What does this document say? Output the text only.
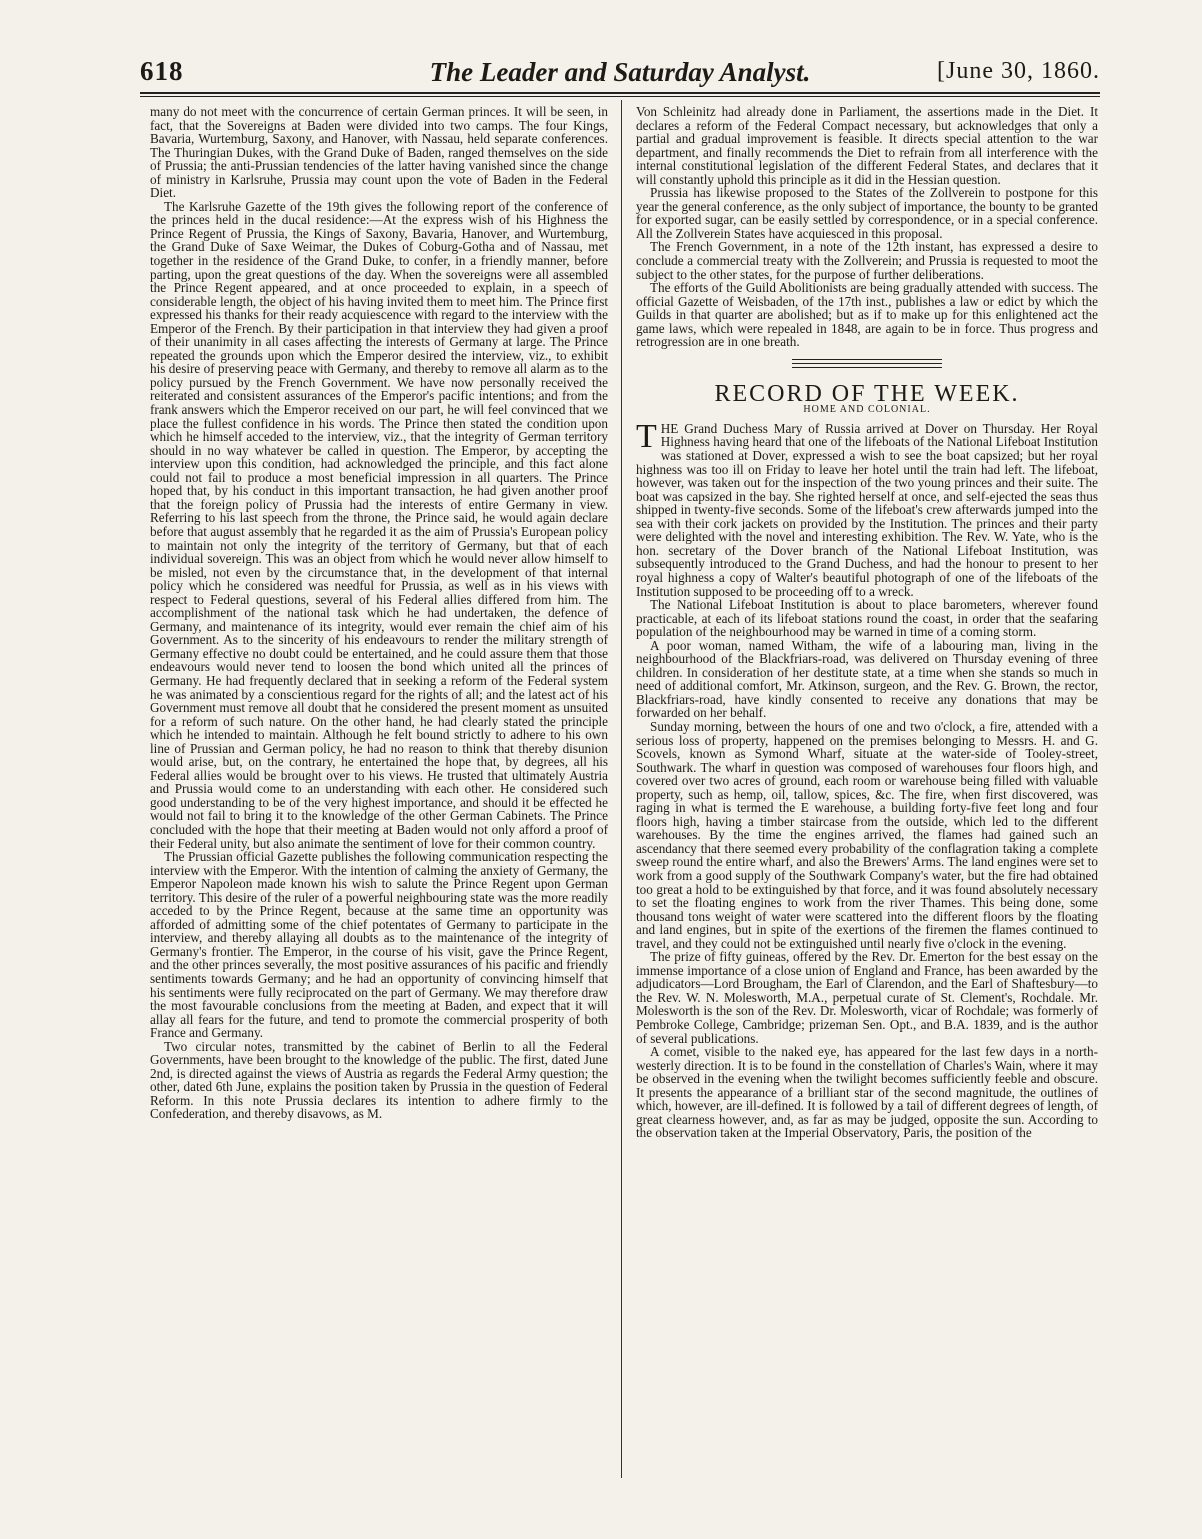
618	The Leader and Saturday Analyst.	[June 30, 1860.

many do not meet with the concurrence of certain German princes. It will be seen, in fact, that the Sovereigns at Baden were divided into two camps. The four Kings, Bavaria, Wurtemburg, Saxony, and Hanover, with Nassau, held separate conferences. The Thuringian Dukes, with the Grand Duke of Baden, ranged themselves on the side of Prussia; the anti-Prussian tendencies of the latter having vanished since the change of ministry in Karlsruhe, Prussia may count upon the vote of Baden in the Federal Diet.

The Karlsruhe Gazette of the 19th gives the following report of the conference of the princes held in the ducal residence:—At the express wish of his Highness the Prince Regent of Prussia, the Kings of Saxony, Bavaria, Hanover, and Wurtemburg, the Grand Duke of Saxe Weimar, the Dukes of Coburg-Gotha and of Nassau, met together in the residence of the Grand Duke, to confer, in a friendly manner, before parting, upon the great questions of the day. When the sovereigns were all assembled the Prince Regent appeared, and at once proceeded to explain, in a speech of considerable length, the object of his having invited them to meet him. The Prince first expressed his thanks for their ready acquiescence with regard to the interview with the Emperor of the French. By their participation in that interview they had given a proof of their unanimity in all cases affecting the interests of Germany at large. The Prince repeated the grounds upon which the Emperor desired the interview, viz., to exhibit his desire of preserving peace with Germany, and thereby to remove all alarm as to the policy pursued by the French Government. We have now personally received the reiterated and consistent assurances of the Emperor's pacific intentions; and from the frank answers which the Emperor received on our part, he will feel convinced that we place the fullest confidence in his words. The Prince then stated the condition upon which he himself acceded to the interview, viz., that the integrity of German territory should in no way whatever be called in question. The Emperor, by accepting the interview upon this condition, had acknowledged the principle, and this fact alone could not fail to produce a most beneficial impression in all quarters. The Prince hoped that, by his conduct in this important transaction, he had given another proof that the foreign policy of Prussia had the interests of entire Germany in view. Referring to his last speech from the throne, the Prince said, he would again declare before that august assembly that he regarded it as the aim of Prussia's European policy to maintain not only the integrity of the territory of Germany, but that of each individual sovereign. This was an object from which he would never allow himself to be misled, not even by the circumstance that, in the development of that internal policy which he considered was needful for Prussia, as well as in his views with respect to Federal questions, several of his Federal allies differed from him. The accomplishment of the national task which he had undertaken, the defence of Germany, and maintenance of its integrity, would ever remain the chief aim of his Government. As to the sincerity of his endeavours to render the military strength of Germany effective no doubt could be entertained, and he could assure them that those endeavours would never tend to loosen the bond which united all the princes of Germany. He had frequently declared that in seeking a reform of the Federal system he was animated by a conscientious regard for the rights of all; and the latest act of his Government must remove all doubt that he considered the present moment as unsuited for a reform of such nature. On the other hand, he had clearly stated the principle which he intended to maintain. Although he felt bound strictly to adhere to his own line of Prussian and German policy, he had no reason to think that thereby disunion would arise, but, on the contrary, he entertained the hope that, by degrees, all his Federal allies would be brought over to his views. He trusted that ultimately Austria and Prussia would come to an understanding with each other. He considered such good understanding to be of the very highest importance, and should it be effected he would not fail to bring it to the knowledge of the other German Cabinets. The Prince concluded with the hope that their meeting at Baden would not only afford a proof of their Federal unity, but also animate the sentiment of love for their common country.

The Prussian official Gazette publishes the following communication respecting the interview with the Emperor. With the intention of calming the anxiety of Germany, the Emperor Napoleon made known his wish to salute the Prince Regent upon German territory. This desire of the ruler of a powerful neighbouring state was the more readily acceded to by the Prince Regent, because at the same time an opportunity was afforded of admitting some of the chief potentates of Germany to participate in the interview, and thereby allaying all doubts as to the maintenance of the integrity of Germany's frontier. The Emperor, in the course of his visit, gave the Prince Regent, and the other princes severally, the most positive assurances of his pacific and friendly sentiments towards Germany; and he had an opportunity of convincing himself that his sentiments were fully reciprocated on the part of Germany. We may therefore draw the most favourable conclusions from the meeting at Baden, and expect that it will allay all fears for the future, and tend to promote the commercial prosperity of both France and Germany.

Two circular notes, transmitted by the cabinet of Berlin to all the Federal Governments, have been brought to the knowledge of the public. The first, dated June 2nd, is directed against the views of Austria as regards the Federal Army question; the other, dated 6th June, explains the position taken by Prussia in the question of Federal Reform. In this note Prussia declares its intention to adhere firmly to the Confederation, and thereby disavows, as M.

Von Schleinitz had already done in Parliament, the assertions made in the Diet. It declares a reform of the Federal Compact necessary, but acknowledges that only a partial and gradual improvement is feasible. It directs special attention to the war department, and finally recommends the Diet to refrain from all interference with the internal constitutional legislation of the different Federal States, and declares that it will constantly uphold this principle as it did in the Hessian question.

Prussia has likewise proposed to the States of the Zollverein to postpone for this year the general conference, as the only subject of importance, the bounty to be granted for exported sugar, can be easily settled by correspondence, or in a special conference. All the Zollverein States have acquiesced in this proposal.

The French Government, in a note of the 12th instant, has expressed a desire to conclude a commercial treaty with the Zollverein; and Prussia is requested to moot the subject to the other states, for the purpose of further deliberations.

The efforts of the Guild Abolitionists are being gradually attended with success. The official Gazette of Weisbaden, of the 17th inst., publishes a law or edict by which the Guilds in that quarter are abolished; but as if to make up for this enlightened act the game laws, which were repealed in 1848, are again to be in force. Thus progress and retrogression are in one breath.

RECORD OF THE WEEK.
HOME AND COLONIAL.

THE Grand Duchess Mary of Russia arrived at Dover on Thursday. Her Royal Highness having heard that one of the lifeboats of the National Lifeboat Institution was stationed at Dover, expressed a wish to see the boat capsized; but her royal highness was too ill on Friday to leave her hotel until the train had left. The lifeboat, however, was taken out for the inspection of the two young princes and their suite. The boat was capsized in the bay. She righted herself at once, and self-ejected the seas thus shipped in twenty-five seconds. Some of the lifeboat's crew afterwards jumped into the sea with their cork jackets on provided by the Institution. The princes and their party were delighted with the novel and interesting exhibition. The Rev. W. Yate, who is the hon. secretary of the Dover branch of the National Lifeboat Institution, was subsequently introduced to the Grand Duchess, and had the honour to present to her royal highness a copy of Walter's beautiful photograph of one of the lifeboats of the Institution supposed to be proceeding off to a wreck.

The National Lifeboat Institution is about to place barometers, wherever found practicable, at each of its lifeboat stations round the coast, in order that the seafaring population of the neighbourhood may be warned in time of a coming storm.

A poor woman, named Witham, the wife of a labouring man, living in the neighbourhood of the Blackfriars-road, was delivered on Thursday evening of three children. In consideration of her destitute state, at a time when she stands so much in need of additional comfort, Mr. Atkinson, surgeon, and the Rev. G. Brown, the rector, Blackfriars-road, have kindly consented to receive any donations that may be forwarded on her behalf.

Sunday morning, between the hours of one and two o'clock, a fire, attended with a serious loss of property, happened on the premises belonging to Messrs. H. and G. Scovels, known as Symond Wharf, situate at the water-side of Tooley-street, Southwark. The wharf in question was composed of warehouses four floors high, and covered over two acres of ground, each room or warehouse being filled with valuable property, such as hemp, oil, tallow, spices, &c. The fire, when first discovered, was raging in what is termed the E warehouse, a building forty-five feet long and four floors high, having a timber staircase from the outside, which led to the different warehouses. By the time the engines arrived, the flames had gained such an ascendancy that there seemed every probability of the conflagration taking a complete sweep round the entire wharf, and also the Brewers' Arms. The land engines were set to work from a good supply of the Southwark Company's water, but the fire had obtained too great a hold to be extinguished by that force, and it was found absolutely necessary to set the floating engines to work from the river Thames. This being done, some thousand tons weight of water were scattered into the different floors by the floating and land engines, but in spite of the exertions of the firemen the flames continued to travel, and they could not be extinguished until nearly five o'clock in the evening.

The prize of fifty guineas, offered by the Rev. Dr. Emerton for the best essay on the immense importance of a close union of England and France, has been awarded by the adjudicators—Lord Brougham, the Earl of Clarendon, and the Earl of Shaftesbury—to the Rev. W. N. Molesworth, M.A., perpetual curate of St. Clement's, Rochdale. Mr. Molesworth is the son of the Rev. Dr. Molesworth, vicar of Rochdale; was formerly of Pembroke College, Cambridge; prizeman Sen. Opt., and B.A. 1839, and is the author of several publications.

A comet, visible to the naked eye, has appeared for the last few days in a north-westerly direction. It is to be found in the constellation of Charles's Wain, where it may be observed in the evening when the twilight becomes sufficiently feeble and obscure. It presents the appearance of a brilliant star of the second magnitude, the outlines of which, however, are ill-defined. It is followed by a tail of different degrees of length, of great clearness however, and, as far as may be judged, opposite the sun. According to the observation taken at the Imperial Observatory, Paris, the position of the
